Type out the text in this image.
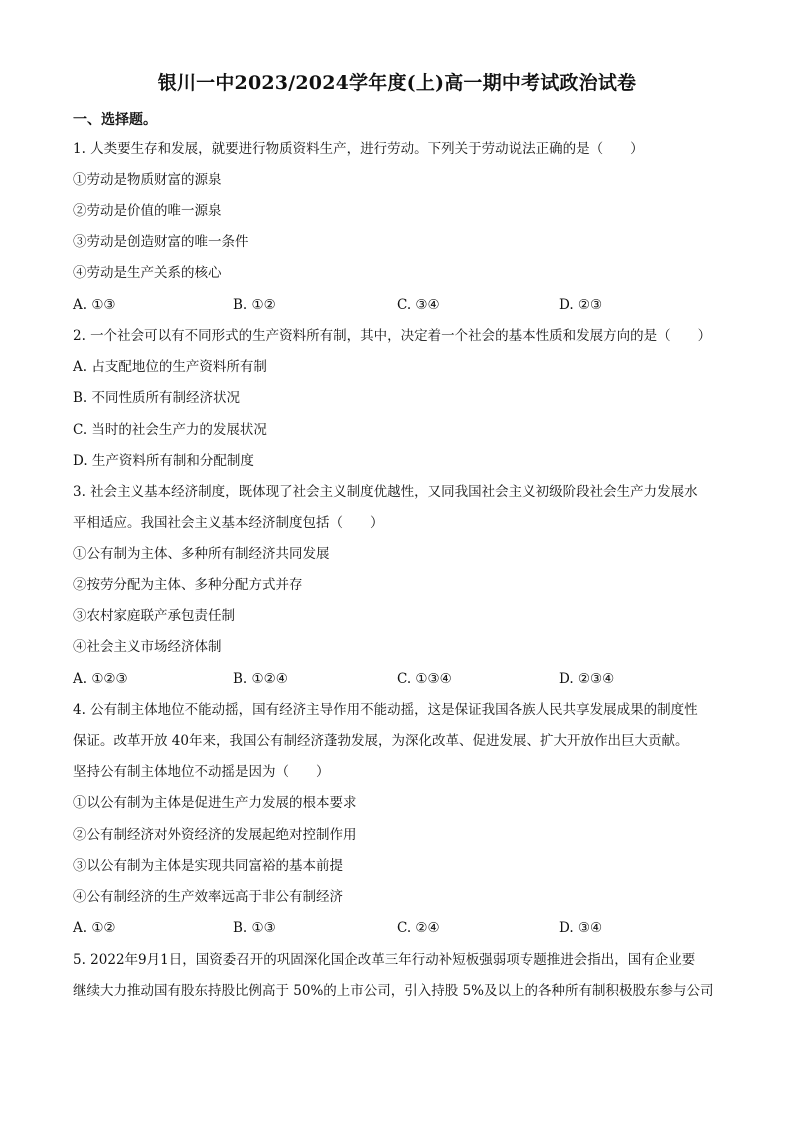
银川一中2023/2024学年度(上)高一期中考试政治试卷
一、选择题。
1. 人类要生存和发展，就要进行物质资料生产，进行劳动。下列关于劳动说法正确的是（　　）
①劳动是物质财富的源泉
②劳动是价值的唯一源泉
③劳动是创造财富的唯一条件
④劳动是生产关系的核心
A. ①③	B. ①②	C. ③④	D. ②③
2. 一个社会可以有不同形式的生产资料所有制，其中，决定着一个社会的基本性质和发展方向的是（　　）
A. 占支配地位的生产资料所有制
B. 不同性质所有制经济状况
C. 当时的社会生产力的发展状况
D. 生产资料所有制和分配制度
3. 社会主义基本经济制度，既体现了社会主义制度优越性，又同我国社会主义初级阶段社会生产力发展水
平相适应。我国社会主义基本经济制度包括（　　）
①公有制为主体、多种所有制经济共同发展
②按劳分配为主体、多种分配方式并存
③农村家庭联产承包责任制
④社会主义市场经济体制
A. ①②③	B. ①②④	C. ①③④	D. ②③④
4. 公有制主体地位不能动摇，国有经济主导作用不能动摇，这是保证我国各族人民共享发展成果的制度性
保证。改革开放 40年来，我国公有制经济蓬勃发展，为深化改革、促进发展、扩大开放作出巨大贡献。
坚持公有制主体地位不动摇是因为（　　）
①以公有制为主体是促进生产力发展的根本要求
②公有制经济对外资经济的发展起绝对控制作用
③以公有制为主体是实现共同富裕的基本前提
④公有制经济的生产效率远高于非公有制经济
A. ①②	B. ①③	C. ②④	D. ③④
5. 2022年9月1日，国资委召开的巩固深化国企改革三年行动补短板强弱项专题推进会指出，国有企业要
继续大力推动国有股东持股比例高于 50%的上市公司，引入持股 5%及以上的各种所有制积极股东参与公司
